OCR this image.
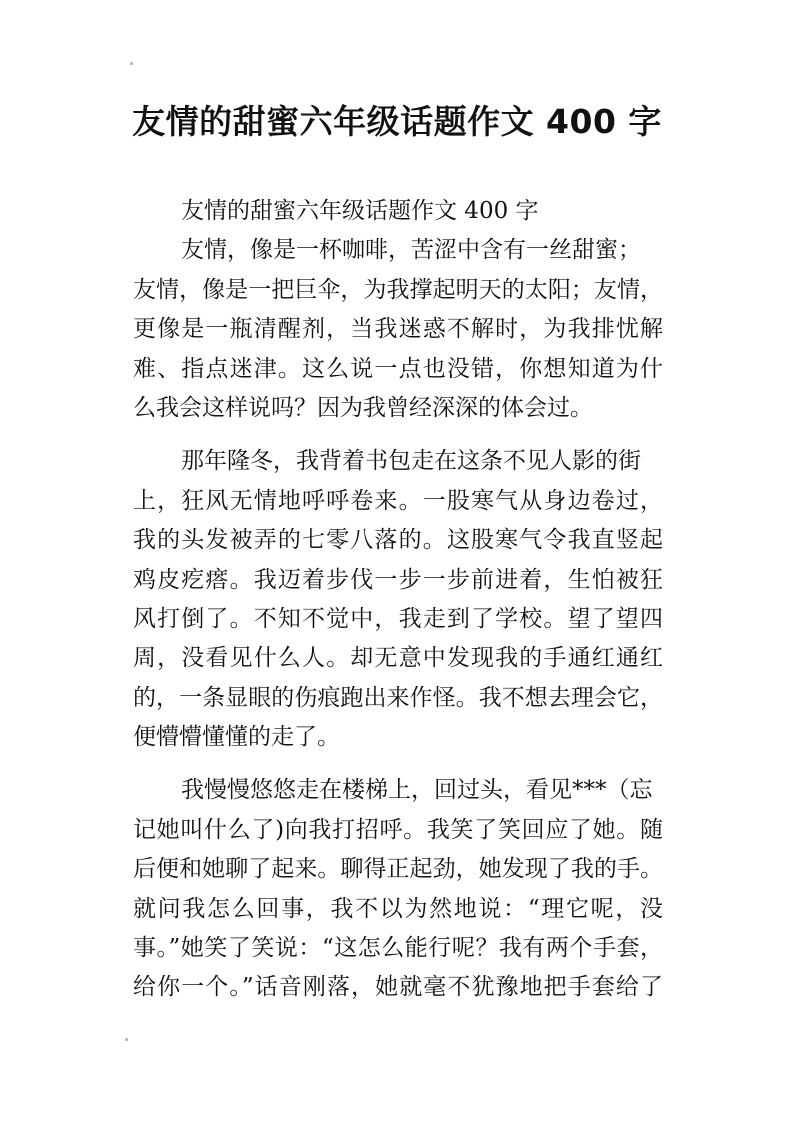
友情的甜蜜六年级话题作文 400 字
友情的甜蜜六年级话题作文 400 字
友情，像是一杯咖啡，苦涩中含有一丝甜蜜；
友情，像是一把巨伞，为我撑起明天的太阳；友情，
更像是一瓶清醒剂，当我迷惑不解时，为我排忧解
难、指点迷津。这么说一点也没错，你想知道为什
么我会这样说吗？因为我曾经深深的体会过。
那年隆冬，我背着书包走在这条不见人影的街
上，狂风无情地呼呼卷来。一股寒气从身边卷过，
我的头发被弄的七零八落的。这股寒气令我直竖起
鸡皮疙瘩。我迈着步伐一步一步前进着，生怕被狂
风打倒了。不知不觉中，我走到了学校。望了望四
周，没看见什么人。却无意中发现我的手通红通红
的，一条显眼的伤痕跑出来作怪。我不想去理会它，
便懵懵懂懂的走了。
我慢慢悠悠走在楼梯上，回过头，看见***（忘
记她叫什么了)向我打招呼。我笑了笑回应了她。随
后便和她聊了起来。聊得正起劲，她发现了我的手。
就问我怎么回事，我不以为然地说：“理它呢，没
事。”她笑了笑说：“这怎么能行呢？我有两个手套，
给你一个。”话音刚落，她就毫不犹豫地把手套给了
